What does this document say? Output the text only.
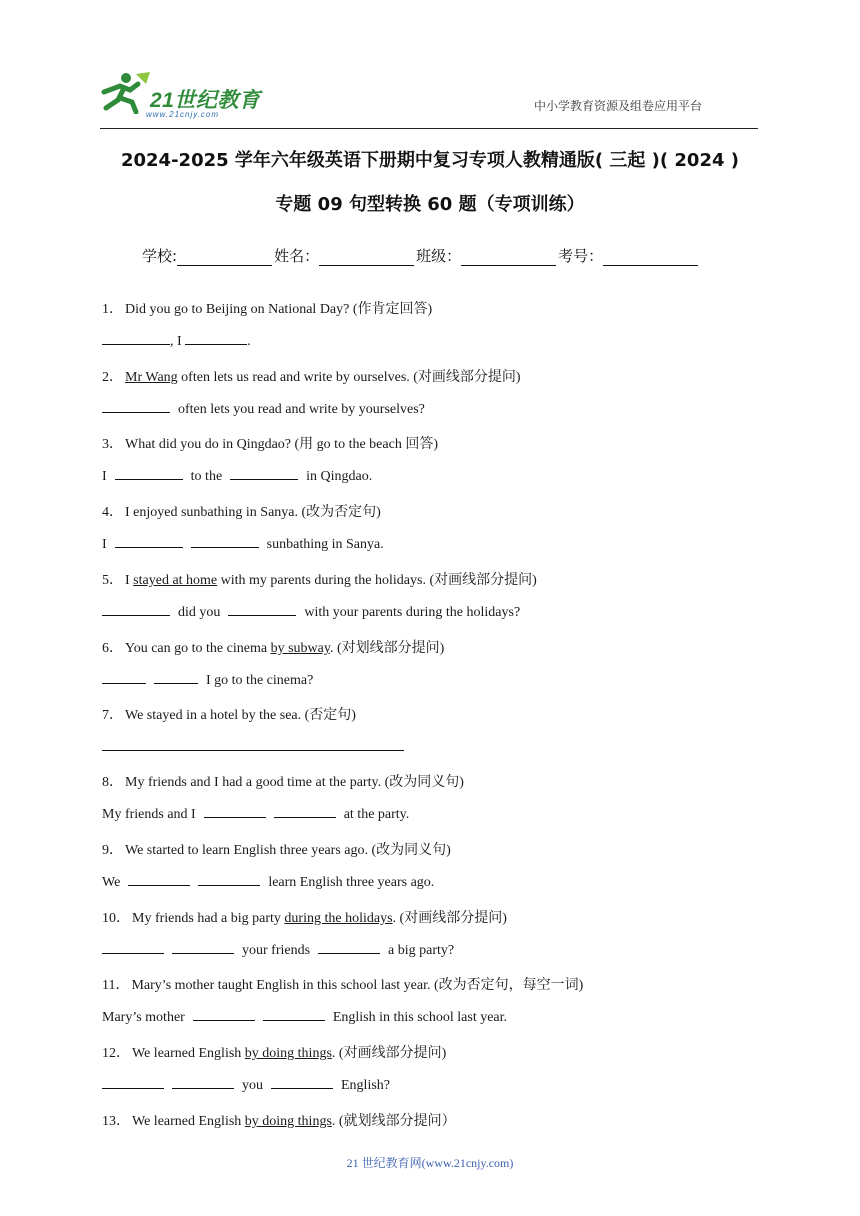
21世纪教育
www.21cnjy.com
中小学教育资源及组卷应用平台
2024-2025 学年六年级英语下册期中复习专项人教精通版( 三起 )( 2024 )
专题 09 句型转换 60 题（专项训练）
学校:	姓名：	班级：	考号：
1． Did you go to Beijing on National Day? (作肯定回答)
, I	.
2． Mr Wang often lets us read and write by ourselves. (对画线部分提问)
often lets you read and write by yourselves?
3． What did you do in Qingdao? (用 go to the beach 回答)
I	to the	in Qingdao.
4． I enjoyed sunbathing in Sanya. (改为否定句)
I	sunbathing in Sanya.
5． I stayed at home with my parents during the holidays. (对画线部分提问)
did you	with your parents during the holidays?
6． You can go to the cinema by subway. (对划线部分提问)
I go to the cinema?
7． We stayed in a hotel by the sea. (否定句)
8． My friends and I had a good time at the party. (改为同义句)
My friends and I	at the party.
9． We started to learn English three years ago. (改为同义句)
We	learn English three years ago.
10． My friends had a big party during the holidays. (对画线部分提问)
your friends	a big party?
11． Mary’s mother taught English in this school last year. (改为否定句，每空一词)
Mary’s mother	English in this school last year.
12． We learned English by doing things. (对画线部分提问)
you	English?
13． We learned English by doing things. (就划线部分提问）
21 世纪教育网(www.21cnjy.com)
